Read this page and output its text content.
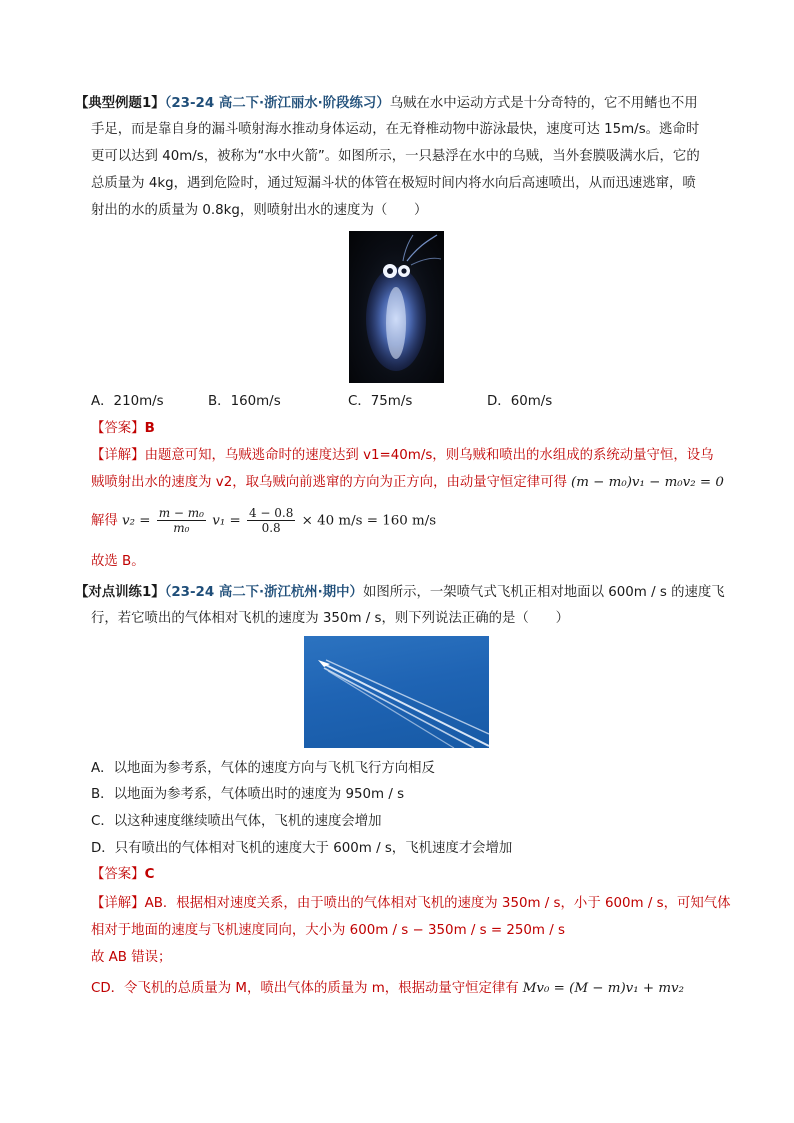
【典型例题1】（23-24 高二下·浙江丽水·阶段练习）乌贼在水中运动方式是十分奇特的，它不用鳍也不用
手足，而是靠自身的漏斗喷射海水推动身体运动，在无脊椎动物中游泳最快，速度可达 15m/s。逃命时
更可以达到 40m/s，被称为“水中火箭”。如图所示，一只悬浮在水中的乌贼，当外套膜吸满水后，它的
总质量为 4kg，遇到危险时，通过短漏斗状的体管在极短时间内将水向后高速喷出，从而迅速逃窜，喷
射出的水的质量为 0.8kg，则喷射出水的速度为（　　）
A．210m/s	B．160m/s	C．75m/s	D．60m/s
【答案】B
【详解】由题意可知，乌贼逃命时的速度达到 v1=40m/s，则乌贼和喷出的水组成的系统动量守恒，设乌
贼喷射出水的速度为 v2，取乌贼向前逃窜的方向为正方向，由动量守恒定律可得 (m − m₀)v₁ − m₀v₂ = 0
解得 $v_2 = \frac{\text{m − m₀}}{\text{m₀}} v_1 = \frac{4 - 0.8}{0.8} \times 40$ m/s = 160 m/s
故选 B。
【对点训练1】（23-24 高二下·浙江杭州·期中）如图所示，一架喷气式飞机正相对地面以 600m / s 的速度飞
行，若它喷出的气体相对飞机的速度为 350m / s，则下列说法正确的是（　　）
A．以地面为参考系，气体的速度方向与飞机飞行方向相反
B．以地面为参考系，气体喷出时的速度为 950m / s
C．以这种速度继续喷出气体，飞机的速度会增加
D．只有喷出的气体相对飞机的速度大于 600m / s，飞机速度才会增加
【答案】C
【详解】AB．根据相对速度关系，由于喷出的气体相对飞机的速度为 350m / s，小于 600m / s，可知气体
相对于地面的速度与飞机速度同向，大小为 600m / s − 350m / s = 250m / s
故 AB 错误；
CD．令飞机的总质量为 M，喷出气体的质量为 m，根据动量守恒定律有 Mv₀ = (M − m)v₁ + mv₂
